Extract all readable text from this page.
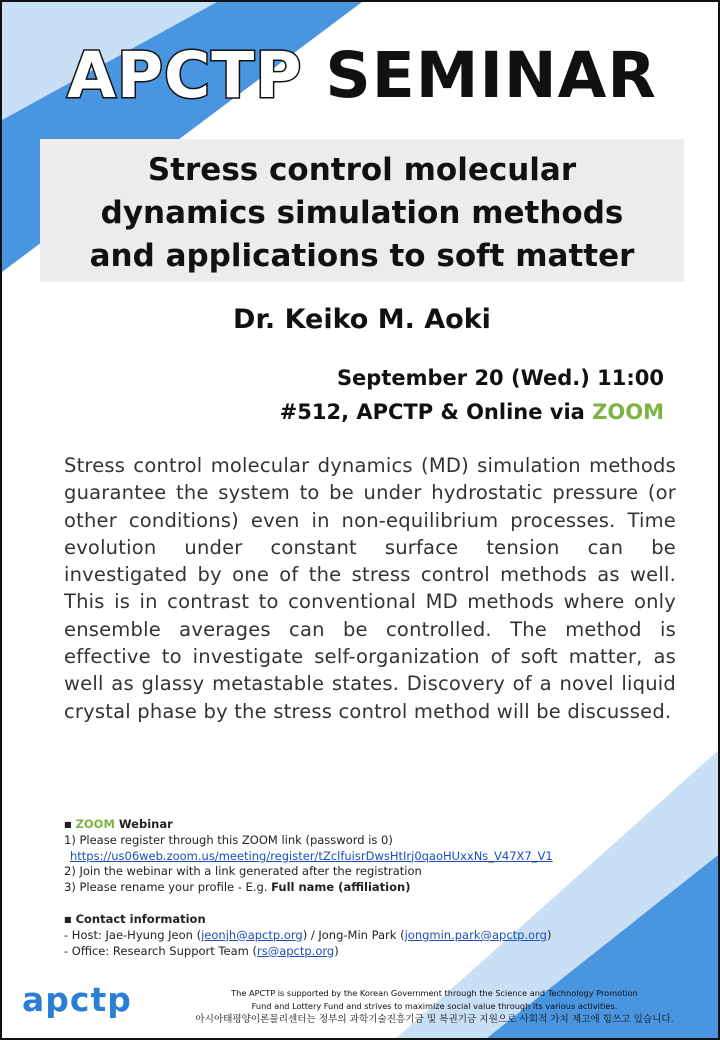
APCTP SEMINAR
Stress control molecular
dynamics simulation methods
and applications to soft matter
Dr. Keiko M. Aoki
September 20 (Wed.) 11:00
#512, APCTP & Online via ZOOM
Stress control molecular dynamics (MD) simulation methods guarantee the system to be under hydrostatic pressure (or other conditions) even in non-equilibrium processes. Time evolution under constant surface tension can be investigated by one of the stress control methods as well. This is in contrast to conventional MD methods where only ensemble averages can be controlled. The method is effective to investigate self-organization of soft matter, as well as glassy metastable states. Discovery of a novel liquid crystal phase by the stress control method will be discussed.
■ ZOOM Webinar
1) Please register through this ZOOM link (password is 0)
https://us06web.zoom.us/meeting/register/tZclfuisrDwsHtIrj0qaoHUxxNs_V47X7_V1
2) Join the webinar with a link generated after the registration
3) Please rename your profile - E.g. Full name (affiliation)
■ Contact information
- Host: Jae-Hyung Jeon (jeonjh@apctp.org) / Jong-Min Park (jongmin.park@apctp.org)
- Office: Research Support Team (rs@apctp.org)
apctp	The APCTP is supported by the Korean Government through the Science and Technology Promotion
Fund and Lottery Fund and strives to maximize social value through its various activities.
아시아태평양이론물리센터는 정부의 과학기술진흥기금 및 복권기금 지원으로 사회적 가치 제고에 힘쓰고 있습니다.
